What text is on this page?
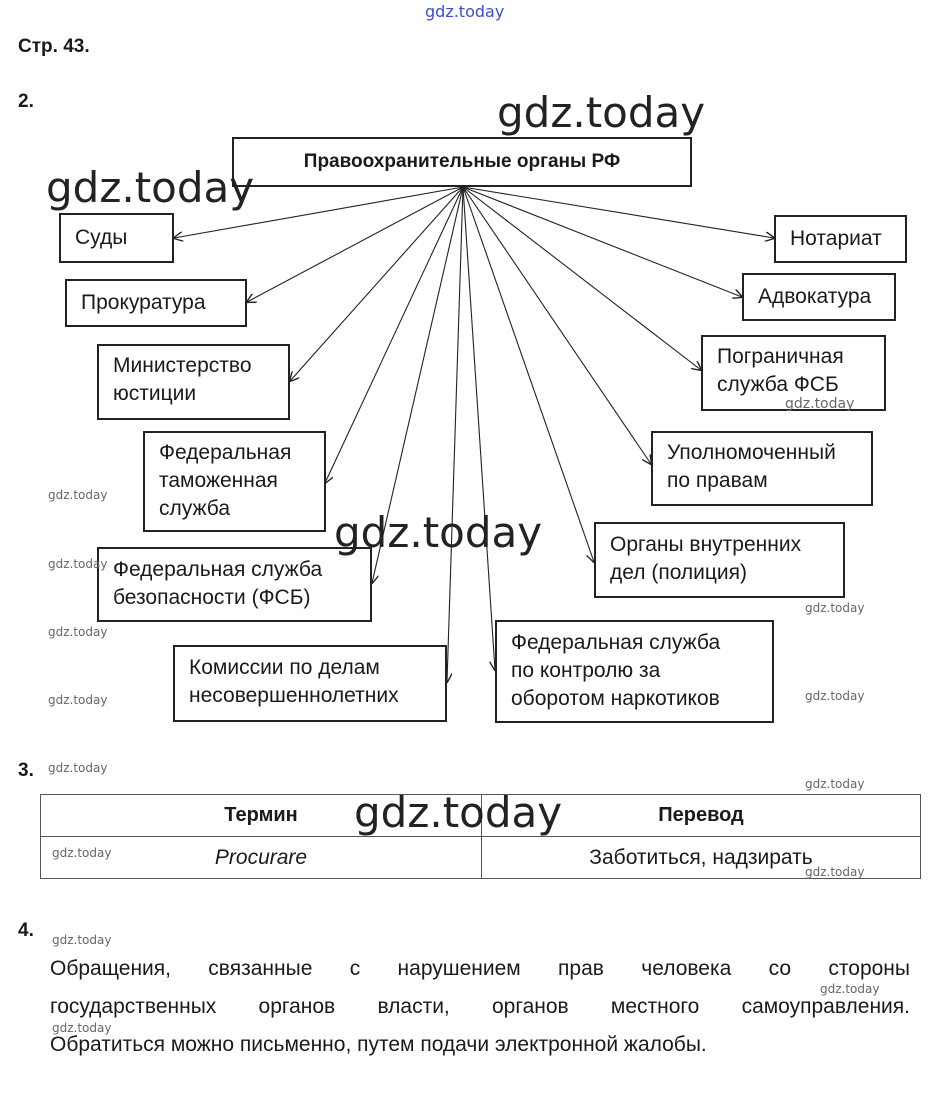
gdz.today
Стр. 43.
2.
Правоохранительные органы РФ
Суды
Прокуратура
Министерство
юстиции
Федеральная
таможенная
служба
Федеральная служба
безопасности (ФСБ)
Комиссии по делам
несовершеннолетних
Нотариат
Адвокатура
Пограничная
служба ФСБ
Уполномоченный
по правам
Органы внутренних
дел (полиция)
Федеральная служба
по контролю за
оборотом наркотиков
3.
Термин	Перевод
Procurare	Заботиться, надзирать
4.
Обращения, связанные с нарушением прав человека со стороны
государственных органов власти, органов местного самоуправления.
Обратиться можно письменно, путем подачи электронной жалобы.
gdz.today
gdz.today
gdz.today
gdz.today
gdz.today
gdz.today
gdz.today
gdz.today
gdz.today
gdz.today
gdz.today
gdz.today
gdz.today
gdz.today
gdz.today
gdz.today
gdz.today
gdz.today
